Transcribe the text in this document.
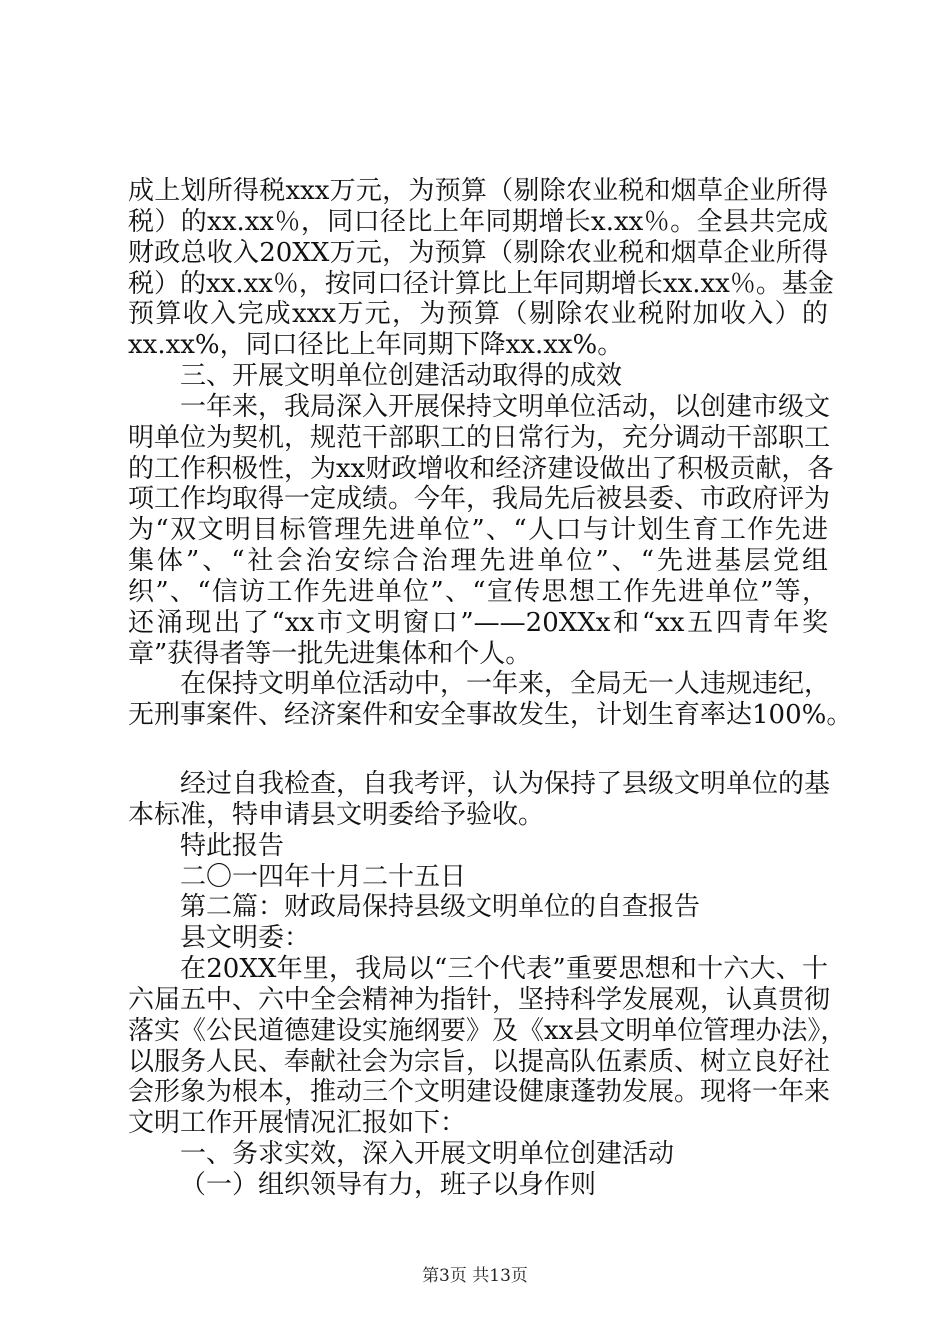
成上划所得税xxx万元，为预算（剔除农业税和烟草企业所得
税）的xx.xx％，同口径比上年同期增长x.xx％。全县共完成
财政总收入20XX万元，为预算（剔除农业税和烟草企业所得
税）的xx.xx％，按同口径计算比上年同期增长xx.xx％。基金
预算收入完成xxx万元，为预算（剔除农业税附加收入）的
xx.xx%，同口径比上年同期下降xx.xx%。
三、开展文明单位创建活动取得的成效
一年来，我局深入开展保持文明单位活动，以创建市级文
明单位为契机，规范干部职工的日常行为，充分调动干部职工
的工作积极性，为xx财政增收和经济建设做出了积极贡献，各
项工作均取得一定成绩。今年，我局先后被县委、市政府评为
为“双文明目标管理先进单位”、“人口与计划生育工作先进
集体”、“社会治安综合治理先进单位”、“先进基层党组
织”、“信访工作先进单位”、“宣传思想工作先进单位”等，
还涌现出了“xx市文明窗口”——20XXx和“xx五四青年奖
章”获得者等一批先进集体和个人。
在保持文明单位活动中，一年来，全局无一人违规违纪，
无刑事案件、经济案件和安全事故发生，计划生育率达100%。
经过自我检查，自我考评，认为保持了县级文明单位的基
本标准，特申请县文明委给予验收。
特此报告
二〇一四年十月二十五日
第二篇：财政局保持县级文明单位的自查报告
县文明委：
在20XX年里，我局以“三个代表”重要思想和十六大、十
六届五中、六中全会精神为指针，坚持科学发展观，认真贯彻
落实《公民道德建设实施纲要》及《xx县文明单位管理办法》，
以服务人民、奉献社会为宗旨，以提高队伍素质、树立良好社
会形象为根本，推动三个文明建设健康蓬勃发展。现将一年来
文明工作开展情况汇报如下：
第3页 共13页
一、务求实效，深入开展文明单位创建活动
（一）组织领导有力，班子以身作则
